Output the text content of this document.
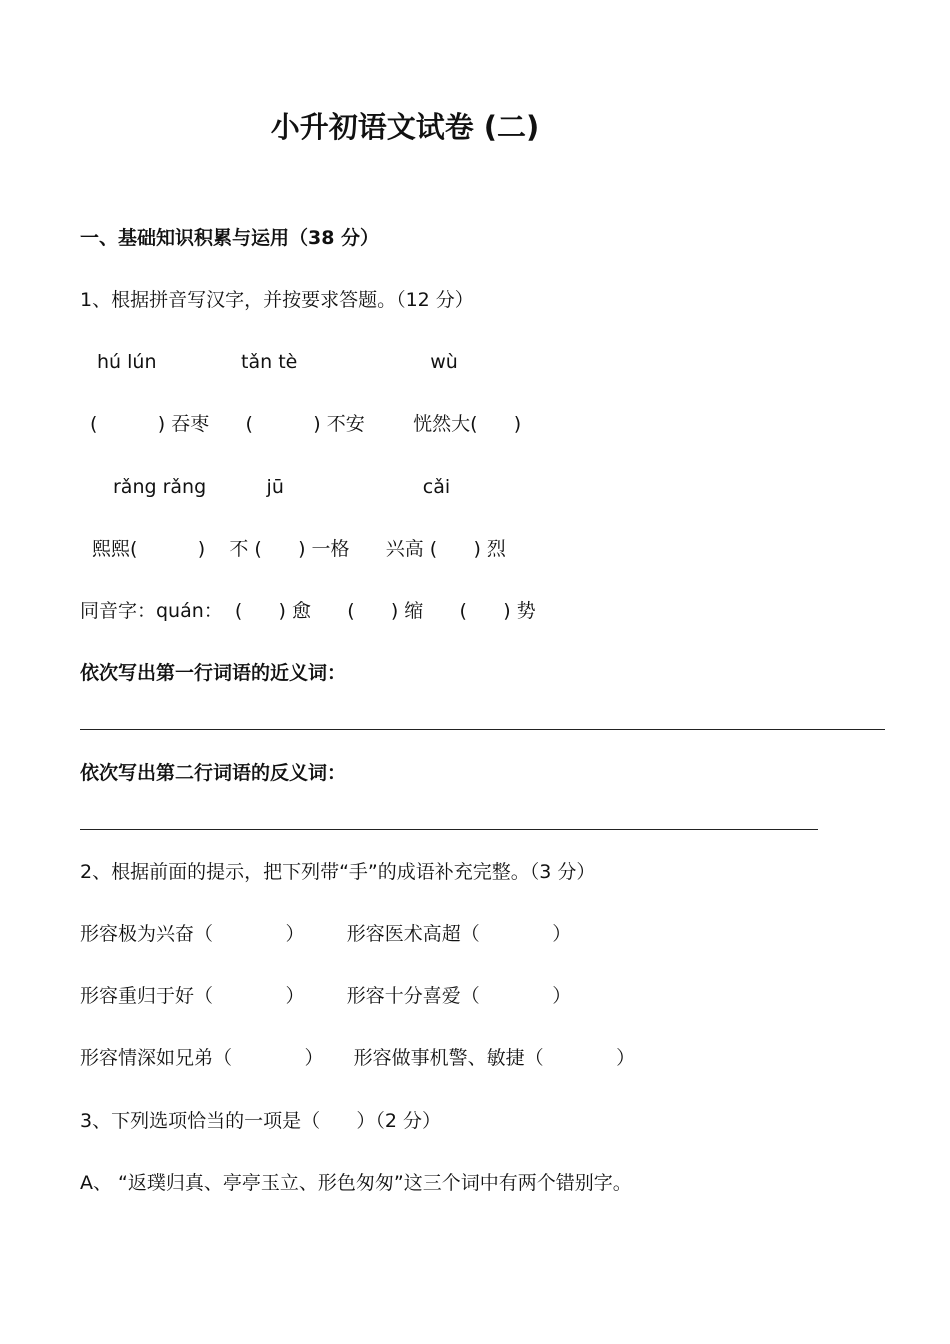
小升初语文试卷 (二)
一、基础知识积累与运用（38 分）
1、根据拼音写汉字，并按要求答题。（12 分）
hú lún              tǎn tè                      wù
(          ) 吞枣      (          ) 不安        恍然大(      )
rǎng rǎng          jū                       cǎi
熙熙(          )    不 (      ) 一格      兴高 (      ) 烈
同音字：quán：  (      ) 愈      (      ) 缩      (      ) 势
依次写出第一行词语的近义词：
依次写出第二行词语的反义词：
2、根据前面的提示，把下列带“手”的成语补充完整。（3 分）
形容极为兴奋（            ）       形容医术高超（            ）
形容重归于好（            ）       形容十分喜爱（            ）
形容情深如兄弟（            ）     形容做事机警、敏捷（            ）
3、下列选项恰当的一项是（      ）（2 分）
A、 “返璞归真、亭亭玉立、形色匆匆”这三个词中有两个错别字。
